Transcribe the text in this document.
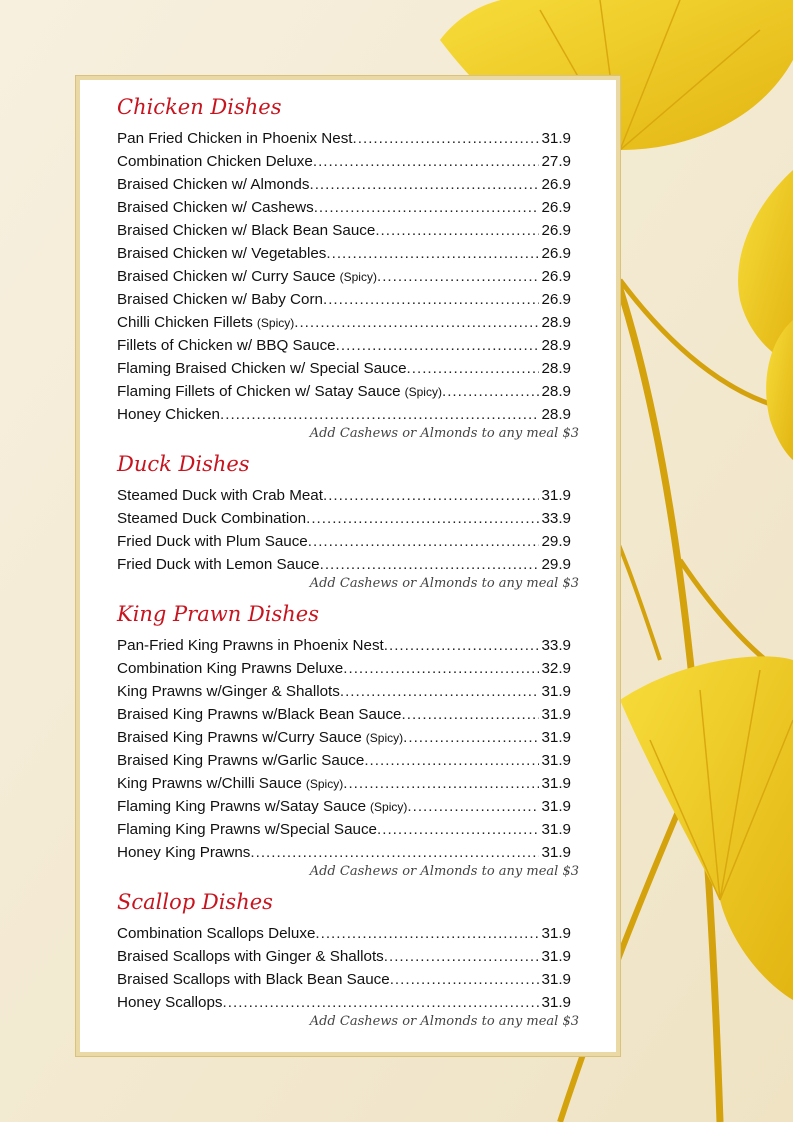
Chicken Dishes
Pan Fried Chicken in Phoenix Nest .....	31.9
Combination Chicken Deluxe .....	27.9
Braised Chicken w/ Almonds .....	26.9
Braised Chicken w/ Cashews .....	26.9
Braised Chicken w/ Black Bean Sauce .....	26.9
Braised Chicken w/ Vegetables .....	26.9
Braised Chicken w/ Curry Sauce (Spicy) .....	26.9
Braised Chicken w/ Baby Corn .....	26.9
Chilli Chicken Fillets (Spicy) .....	28.9
Fillets of Chicken w/ BBQ Sauce .....	28.9
Flaming Braised Chicken w/ Special Sauce .....	28.9
Flaming Fillets of Chicken w/ Satay Sauce (Spicy) .....	28.9
Honey Chicken .....	28.9
Add Cashews or Almonds to any meal $3
Duck Dishes
Steamed Duck with Crab Meat .....	31.9
Steamed Duck Combination .....	33.9
Fried Duck with Plum Sauce .....	29.9
Fried Duck with Lemon Sauce .....	29.9
Add Cashews or Almonds to any meal $3
King Prawn Dishes
Pan-Fried King Prawns in Phoenix Nest .....	33.9
Combination King Prawns Deluxe .....	32.9
King Prawns w/Ginger & Shallots .....	31.9
Braised King Prawns w/Black Bean Sauce .....	31.9
Braised King Prawns w/Curry Sauce (Spicy) .....	31.9
Braised King Prawns w/Garlic Sauce .....	31.9
King Prawns w/Chilli Sauce (Spicy) .....	31.9
Flaming King Prawns w/Satay Sauce (Spicy) .....	31.9
Flaming King Prawns w/Special Sauce .....	31.9
Honey King Prawns .....	31.9
Add Cashews or Almonds to any meal $3
Scallop Dishes
Combination Scallops Deluxe .....	31.9
Braised Scallops with Ginger & Shallots .....	31.9
Braised Scallops with Black Bean Sauce .....	31.9
Honey Scallops .....	31.9
Add Cashews or Almonds to any meal $3
